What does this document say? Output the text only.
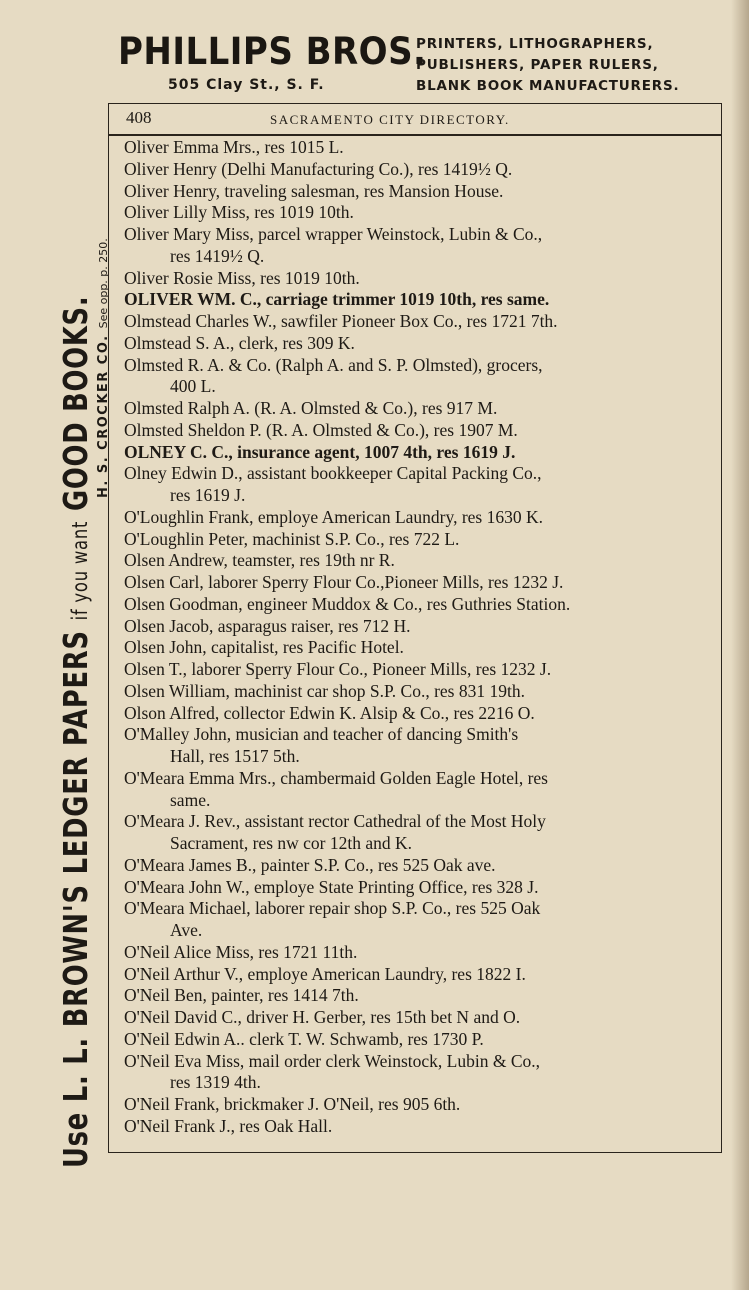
PHILLIPS BROS.
505 Clay St., S. F.
PRINTERS, LITHOGRAPHERS,
PUBLISHERS, PAPER RULERS,
BLANK BOOK MANUFACTURERS.
Use L. L. BROWN'S LEDGER PAPERS if you want GOOD BOOKS. H. S. CROCKER CO. See opp. p. 250.
408	SACRAMENTO CITY DIRECTORY.
Oliver Emma Mrs., res 1015 L.
Oliver Henry (Delhi Manufacturing Co.), res 1419½ Q.
Oliver Henry, traveling salesman, res Mansion House.
Oliver Lilly Miss, res 1019 10th.
Oliver Mary Miss, parcel wrapper Weinstock, Lubin & Co.,
res 1419½ Q.
Oliver Rosie Miss, res 1019 10th.
OLIVER WM. C., carriage trimmer 1019 10th, res same.
Olmstead Charles W., sawfiler Pioneer Box Co., res 1721 7th.
Olmstead S. A., clerk, res 309 K.
Olmsted R. A. & Co. (Ralph A. and S. P. Olmsted), grocers,
400 L.
Olmsted Ralph A. (R. A. Olmsted & Co.), res 917 M.
Olmsted Sheldon P. (R. A. Olmsted & Co.), res 1907 M.
OLNEY C. C., insurance agent, 1007 4th, res 1619 J.
Olney Edwin D., assistant bookkeeper Capital Packing Co.,
res 1619 J.
O'Loughlin Frank, employe American Laundry, res 1630 K.
O'Loughlin Peter, machinist S.P. Co., res 722 L.
Olsen Andrew, teamster, res 19th nr R.
Olsen Carl, laborer Sperry Flour Co.,Pioneer Mills, res 1232 J.
Olsen Goodman, engineer Muddox & Co., res Guthries Station.
Olsen Jacob, asparagus raiser, res 712 H.
Olsen John, capitalist, res Pacific Hotel.
Olsen T., laborer Sperry Flour Co., Pioneer Mills, res 1232 J.
Olsen William, machinist car shop S.P. Co., res 831 19th.
Olson Alfred, collector Edwin K. Alsip & Co., res 2216 O.
O'Malley John, musician and teacher of dancing Smith's
Hall, res 1517 5th.
O'Meara Emma Mrs., chambermaid Golden Eagle Hotel, res
same.
O'Meara J. Rev., assistant rector Cathedral of the Most Holy
Sacrament, res nw cor 12th and K.
O'Meara James B., painter S.P. Co., res 525 Oak ave.
O'Meara John W., employe State Printing Office, res 328 J.
O'Meara Michael, laborer repair shop S.P. Co., res 525 Oak
Ave.
O'Neil Alice Miss, res 1721 11th.
O'Neil Arthur V., employe American Laundry, res 1822 I.
O'Neil Ben, painter, res 1414 7th.
O'Neil David C., driver H. Gerber, res 15th bet N and O.
O'Neil Edwin A.. clerk T. W. Schwamb, res 1730 P.
O'Neil Eva Miss, mail order clerk Weinstock, Lubin & Co.,
res 1319 4th.
O'Neil Frank, brickmaker J. O'Neil, res 905 6th.
O'Neil Frank J., res Oak Hall.
